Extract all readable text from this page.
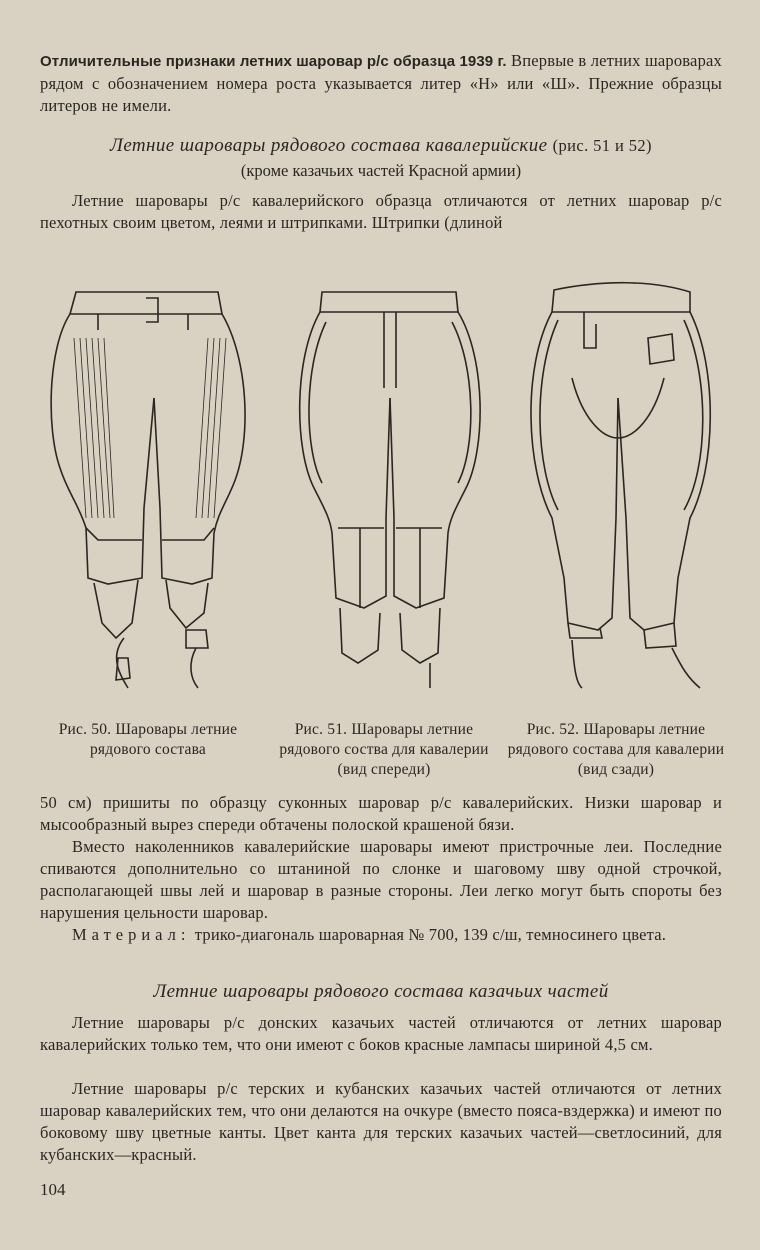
Отличительные признаки летних шаровар р/с образца 1939 г. Впервые в летних шароварах рядом с обозначением номера роста указывается литер «Н» или «Ш». Прежние образцы литеров не имели.
Летние шаровары рядового состава кавалерийские (рис. 51 и 52)
(кроме казачьих частей Красной армии)
Летние шаровары р/с кавалерийского образца отличаются от летних шаровар р/с пехотных своим цветом, леями и штрипками. Штрипки (длиной
Рис. 50. Шаровары летние рядового состава
Рис. 51. Шаровары летние рядового соства для кавалерии (вид спереди)
Рис. 52. Шаровары летние рядового состава для кавалерии (вид сзади)
50 см) пришиты по образцу суконных шаровар р/с кавалерийских. Низки шаровар и мысообразный вырез спереди обтачены полоской крашеной бязи.
Вместо наколенников кавалерийские шаровары имеют пристрочные леи. Последние спиваются дополнительно со штаниной по слонке и шаговому шву одной строчкой, располагающей швы лей и шаровар в разные стороны. Леи легко могут быть спороты без нарушения цельности шаровар.
Материал: трико-диагональ шароварная № 700, 139 с/ш, темносинего цвета.
Летние шаровары рядового состава казачьих частей
Летние шаровары р/с донских казачьих частей отличаются от летних шаровар кавалерийских только тем, что они имеют с боков красные лампасы шириной 4,5 см.
Летние шаровары р/с терских и кубанских казачьих частей отличаются от летних шаровар кавалерийских тем, что они делаются на очкуре (вместо пояса-вздержка) и имеют по боковому шву цветные канты. Цвет канта для терских казачьих частей—светлосиний, для кубанских—красный.
104
